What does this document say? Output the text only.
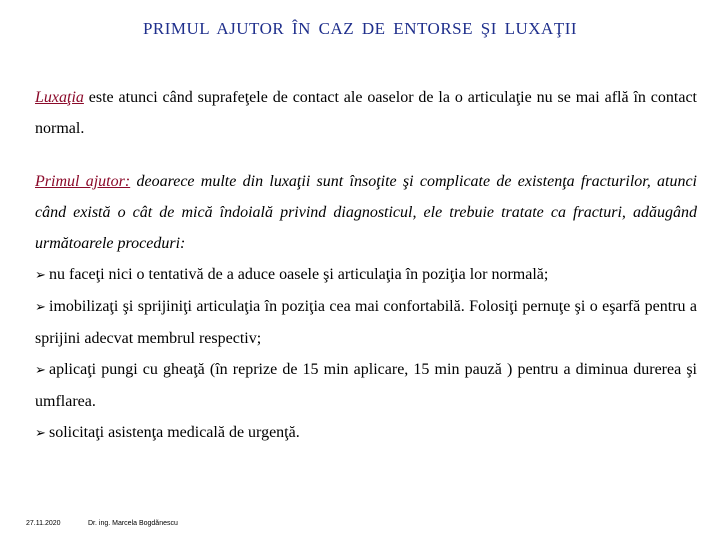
PRIMUL AJUTOR ÎN CAZ DE ENTORSE ŞI LUXAŢII

Luxaţia este atunci când suprafeţele de contact ale oaselor de la o articulaţie nu se mai află în contact normal.

Primul ajutor: deoarece multe din luxaţii sunt însoţite şi complicate de existenţa fracturilor, atunci când există o cât de mică îndoială privind diagnosticul, ele trebuie tratate ca fracturi, adăugând următoarele proceduri:

➢ nu faceţi nici o tentativă de a aduce oasele şi articulaţia în poziţia lor normală;

➢ imobilizaţi şi sprijiniţi articulaţia în poziţia cea mai confortabilă. Folosiţi pernuţe şi o eşarfă pentru a sprijini adecvat membrul respectiv;

➢ aplicaţi pungi cu gheaţă (în reprize de 15 min aplicare, 15 min pauză ) pentru a diminua durerea şi umflarea.

➢ solicitaţi asistenţa medicală de urgenţă.

27.11.2020	Dr. ing. Marcela Bogdănescu
